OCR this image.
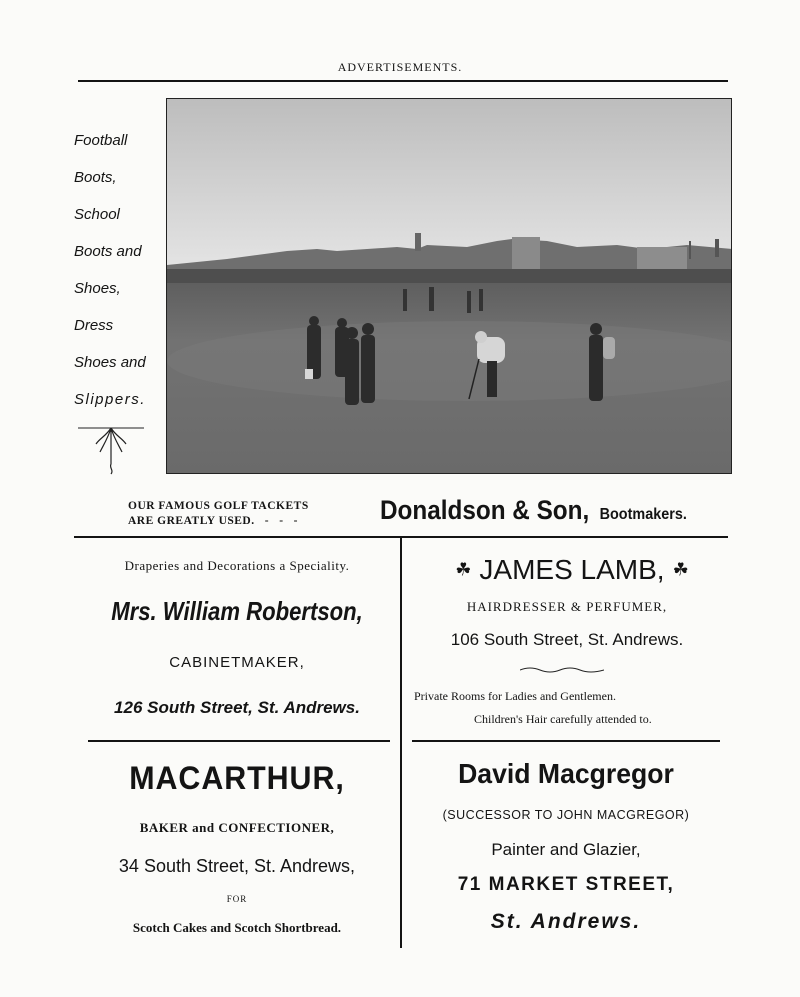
ADVERTISEMENTS.
Football
Boots,
School
Boots and
Shoes,
Dress
Shoes and
Slippers.
OUR FAMOUS GOLF TACKETS
ARE GREATLY USED.   -   -   -	Donaldson & Son, Bootmakers.
Draperies and Decorations a Speciality.
Mrs. William Robertson,
CABINETMAKER,
126 South Street, St. Andrews.
☘ JAMES LAMB, ☘
HAIRDRESSER & PERFUMER,
106 South Street, St. Andrews.
Private Rooms for Ladies and Gentlemen.
Children's Hair carefully attended to.
MACARTHUR,
BAKER and CONFECTIONER,
34 South Street, St. Andrews,
FOR
Scotch Cakes and Scotch Shortbread.
David Macgregor
(SUCCESSOR TO JOHN MACGREGOR)
Painter and Glazier,
71 MARKET STREET,
St. Andrews.
